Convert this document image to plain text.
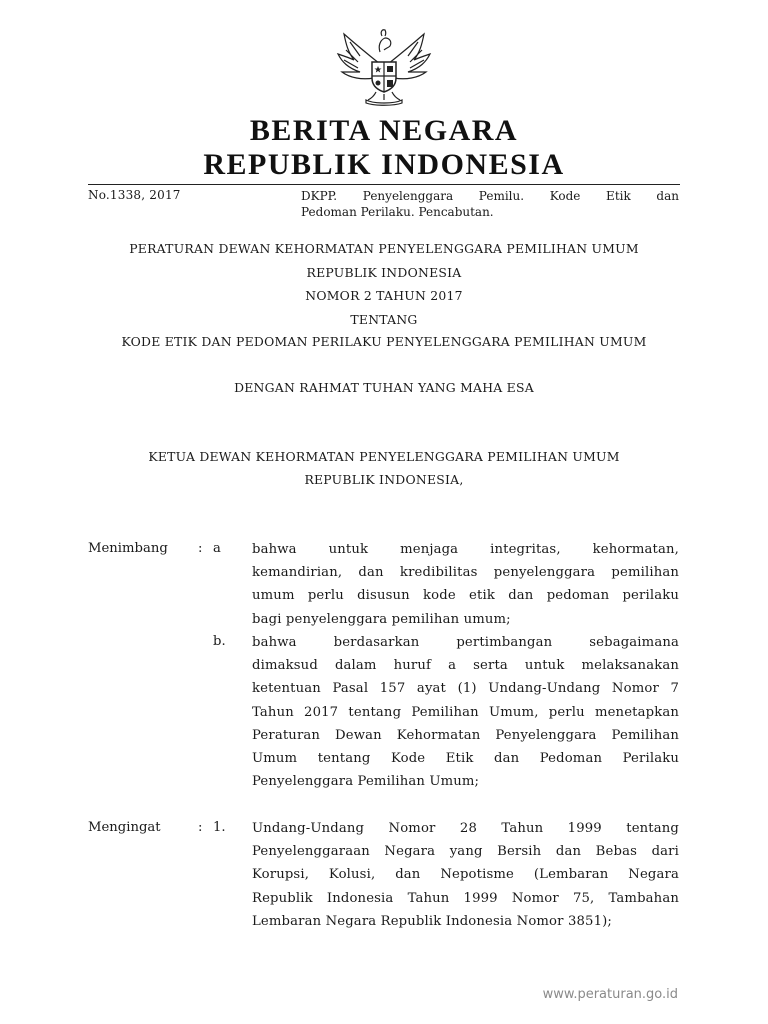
BERITA NEGARA
REPUBLIK INDONESIA
No.1338, 2017	DKPP. Penyelenggara Pemilu. Kode Etik dan
Pedoman Perilaku. Pencabutan.
PERATURAN DEWAN KEHORMATAN PENYELENGGARA PEMILIHAN UMUM
REPUBLIK INDONESIA
NOMOR 2 TAHUN 2017
TENTANG
KODE ETIK DAN PEDOMAN PERILAKU PENYELENGGARA PEMILIHAN UMUM
DENGAN RAHMAT TUHAN YANG MAHA ESA
KETUA DEWAN KEHORMATAN PENYELENGGARA PEMILIHAN UMUM
REPUBLIK INDONESIA,
Menimbang : a bahwa untuk menjaga integritas, kehormatan,
kemandirian, dan kredibilitas penyelenggara pemilihan
umum perlu disusun kode etik dan pedoman perilaku
bagi penyelenggara pemilihan umum;
b. bahwa berdasarkan pertimbangan sebagaimana
dimaksud dalam huruf a serta untuk melaksanakan
ketentuan Pasal 157 ayat (1) Undang-Undang Nomor 7
Tahun 2017 tentang Pemilihan Umum, perlu menetapkan
Peraturan Dewan Kehormatan Penyelenggara Pemilihan
Umum tentang Kode Etik dan Pedoman Perilaku
Penyelenggara Pemilihan Umum;
Mengingat	: 1. Undang-Undang Nomor 28 Tahun 1999 tentang
Penyelenggaraan Negara yang Bersih dan Bebas dari
Korupsi, Kolusi, dan Nepotisme (Lembaran Negara
Republik Indonesia Tahun 1999 Nomor 75, Tambahan
Lembaran Negara Republik Indonesia Nomor 3851);
www.peraturan.go.id
